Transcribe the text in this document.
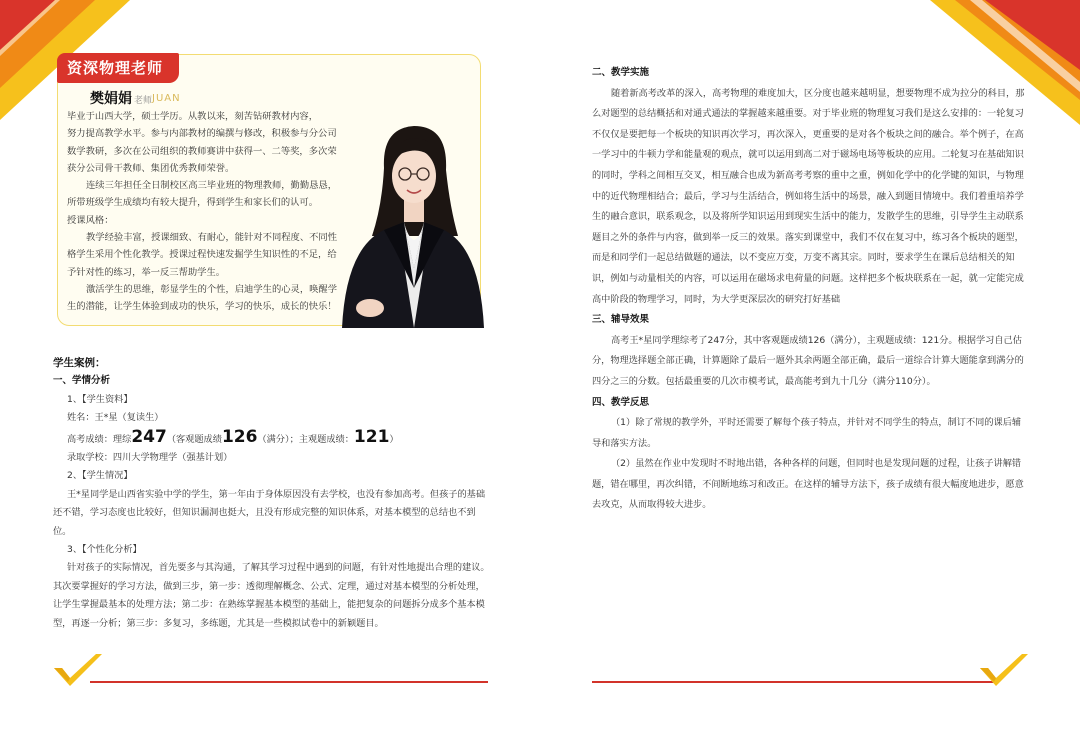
资深物理老师
樊娟娟 老师 JUAN

毕业于山西大学，硕士学历。从教以来，刻苦钻研教材内容，

努力提高教学水平。参与内部教材的编撰与修改，积极参与分公司

数学教研，多次在公司组织的教师赛讲中获得一、二等奖，多次荣

获分公司骨干教师、集团优秀教师荣誉。

连续三年担任全日制校区高三毕业班的物理教师，勤勤恳恳，

所带班级学生成绩均有较大提升，得到学生和家长们的认可。

授课风格：

教学经验丰富，授课细致、有耐心，能针对不同程度、不同性

格学生采用个性化教学。授课过程快速发掘学生知识性的不足，给

予针对性的练习，举一反三帮助学生。

激活学生的思维，彰显学生的个性，启迪学生的心灵，唤醒学

生的潜能，让学生体验到成功的快乐，学习的快乐，成长的快乐！

学生案例：
一、学情分析
1、【学生资料】
姓名：王*星（复读生）
高考成绩：理综247（客观题成绩126（满分）；主观题成绩：121）
录取学校：四川大学物理学（强基计划）
2、【学生情况】
王*星同学是山西省实验中学的学生，第一年由于身体原因没有去学校，也没有参加高考。但孩子的基础还不错，学习态度也比较好，但知识漏洞也挺大，且没有形成完整的知识体系，对基本模型的总结也不到位。
3、【个性化分析】
针对孩子的实际情况，首先要多与其沟通，了解其学习过程中遇到的问题，有针对性地提出合理的建议。其次要掌握好的学习方法，做到三步，第一步：透彻理解概念、公式、定理，通过对基本模型的分析处理，让学生掌握最基本的处理方法；第二步：在熟练掌握基本模型的基础上，能把复杂的问题拆分成多个基本模型，再逐一分析；第三步：多复习，多练题，尤其是一些模拟试卷中的新颖题目。
二、教学实施
随着新高考改革的深入，高考物理的难度加大，区分度也越来越明显，想要物理不成为拉分的科目，那么对题型的总结概括和对通式通法的掌握越来越重要。对于毕业班的物理复习我们是这么安排的：一轮复习不仅仅是要把每一个板块的知识再次学习，再次深入，更重要的是对各个板块之间的融合。举个例子，在高一学习中的牛顿力学和能量观的观点，就可以运用到高二对于磁场电场等板块的应用。二轮复习在基础知识的同时，学科之间相互交叉，相互融合也成为新高考考察的重中之重，例如化学中的化学键的知识，与物理中的近代物理相结合；最后，学习与生活结合，例如将生活中的场景，融入到题目情境中。我们着重培养学生的融合意识，联系观念，以及将所学知识运用到现实生活中的能力，发散学生的思维，引导学生主动联系题目之外的条件与内容，做到举一反三的效果。落实到课堂中，我们不仅在复习中，练习各个板块的题型，而是和同学们一起总结做题的通法，以不变应万变，万变不离其宗。同时，要求学生在课后总结相关的知识，例如与动量相关的内容，可以运用在磁场求电荷量的问题。这样把多个板块联系在一起，就一定能完成高中阶段的物理学习，同时，为大学更深层次的研究打好基础
三、辅导效果
高考王*星同学理综考了247分，其中客观题成绩126（满分），主观题成绩：121分。根据学习自己估分，物理选择题全部正确，计算题除了最后一题外其余两题全部正确，最后一道综合计算大题能拿到满分的四分之三的分数。包括最重要的几次市模考试，最高能考到九十几分（满分110分）。
四、教学反思
（1）除了常规的教学外，平时还需要了解每个孩子特点，并针对不同学生的特点，制订不同的课后辅导和落实方法。
（2）虽然在作业中发现时不时地出错，各种各样的问题，但同时也是发现问题的过程，让孩子讲解错题，错在哪里，再次纠错，不间断地练习和改正。在这样的辅导方法下，孩子成绩有很大幅度地进步，愿意去攻克，从而取得较大进步。
